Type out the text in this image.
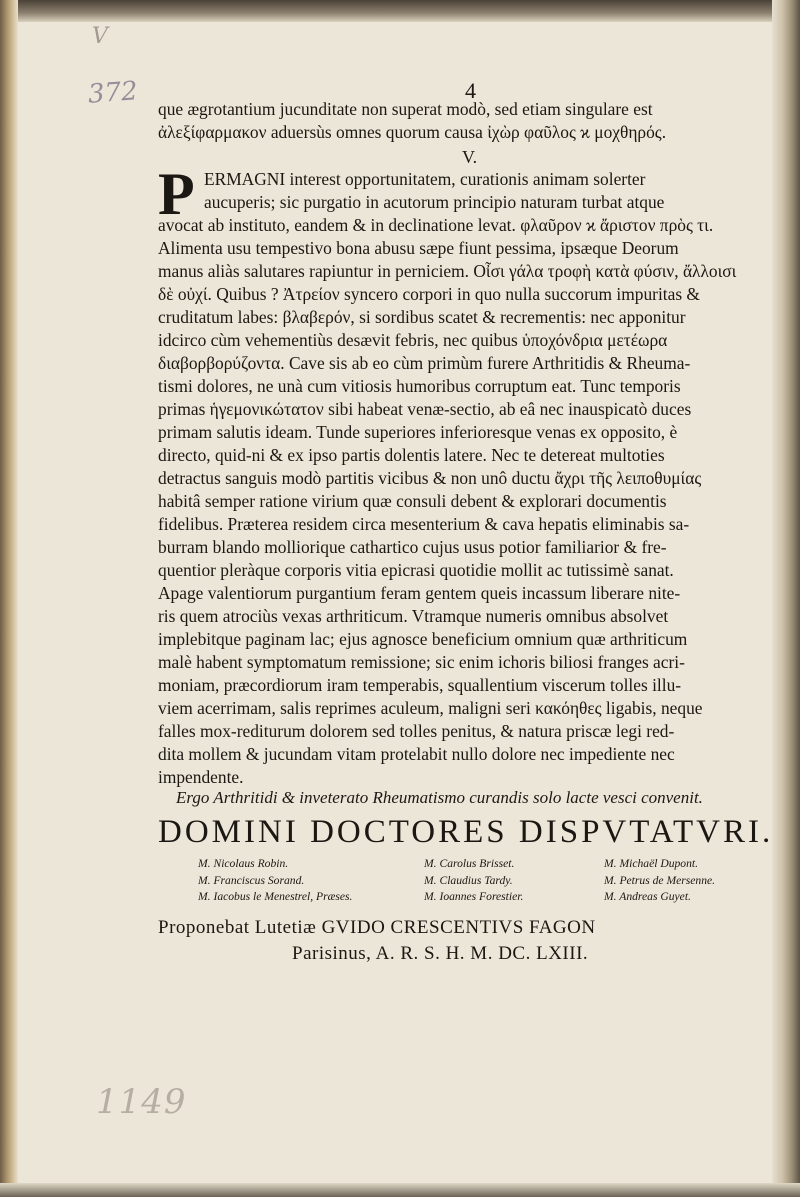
V
372
1149
4
que ægrotantium jucunditate non superat modò, sed etiam singulare est
ἀλεξίφαρμακον aduersùs omnes quorum causa ἰχὼρ φαῦλος ϰ μοχθηρός.
V.
P ERMAGNI interest opportunitatem, curationis animam solerter
aucuperis; sic purgatio in acutorum principio naturam turbat atque
avocat ab instituto, eandem & in declinatione levat. φλαῦρον ϰ ἄριστον πρὸς τι.
Alimenta usu tempestivo bona abusu sæpe fiunt pessima, ipsæque Deorum
manus aliàs salutares rapiuntur in perniciem. Οἶσι γάλα τροφὴ κατὰ φύσιν, ἄλλοισι
δὲ οὐχί. Quibus ? Ἀτρείον syncero corpori in quo nulla succorum impuritas &
cruditatum labes: βλαβερόν, si sordibus scatet & recrementis: nec apponitur
idcirco cùm vehementiùs desævit febris, nec quibus ὑποχόνδρια μετέωρα
διαβορβορύζοντα. Cave sis ab eo cùm primùm furere Arthritidis & Rheuma-
tismi dolores, ne unà cum vitiosis humoribus corruptum eat. Tunc temporis
primas ἡγεμονικώτατον sibi habeat venæ-sectio, ab eâ nec inauspicatò duces
primam salutis ideam. Tunde superiores inferioresque venas ex opposito, è
directo, quid-ni & ex ipso partis dolentis latere. Nec te detereat multoties
detractus sanguis modò partitis vicibus & non unô ductu ἄχρι τῆς λειποθυμίας
habitâ semper ratione virium quæ consuli debent & explorari documentis
fidelibus. Præterea residem circa mesenterium & cava hepatis eliminabis sa-
burram blando molliorique cathartico cujus usus potior familiarior & fre-
quentior pleràque corporis vitia epicrasi quotidie mollit ac tutissimè sanat.
Apage valentiorum purgantium feram gentem queis incassum liberare nite-
ris quem atrociùs vexas arthriticum. Vtramque numeris omnibus absolvet
implebitque paginam lac; ejus agnosce beneficium omnium quæ arthriticum
malè habent symptomatum remissione; sic enim ichoris biliosi franges acri-
moniam, præcordiorum iram temperabis, squallentium viscerum tolles illu-
viem acerrimam, salis reprimes aculeum, maligni seri κακόηθες ligabis, neque
falles mox-rediturum dolorem sed tolles penitus, & natura priscæ legi red-
dita mollem & jucundam vitam protelabit nullo dolore nec impediente nec
impendente.
Ergo Arthritidi & inveterato Rheumatismo curandis solo lacte vesci convenit.
DOMINI DOCTORES DISPVTATVRI.
M. Nicolaus Robin.
M. Franciscus Sorand.
M. Iacobus le Menestrel, Præses.
M. Carolus Brisset.
M. Claudius Tardy.
M. Ioannes Forestier.
M. Michaël Dupont.
M. Petrus de Mersenne.
M. Andreas Guyet.
Proponebat Lutetiæ GVIDO CRESCENTIVS FAGON
Parisinus, A. R. S. H. M. DC. LXIII.
